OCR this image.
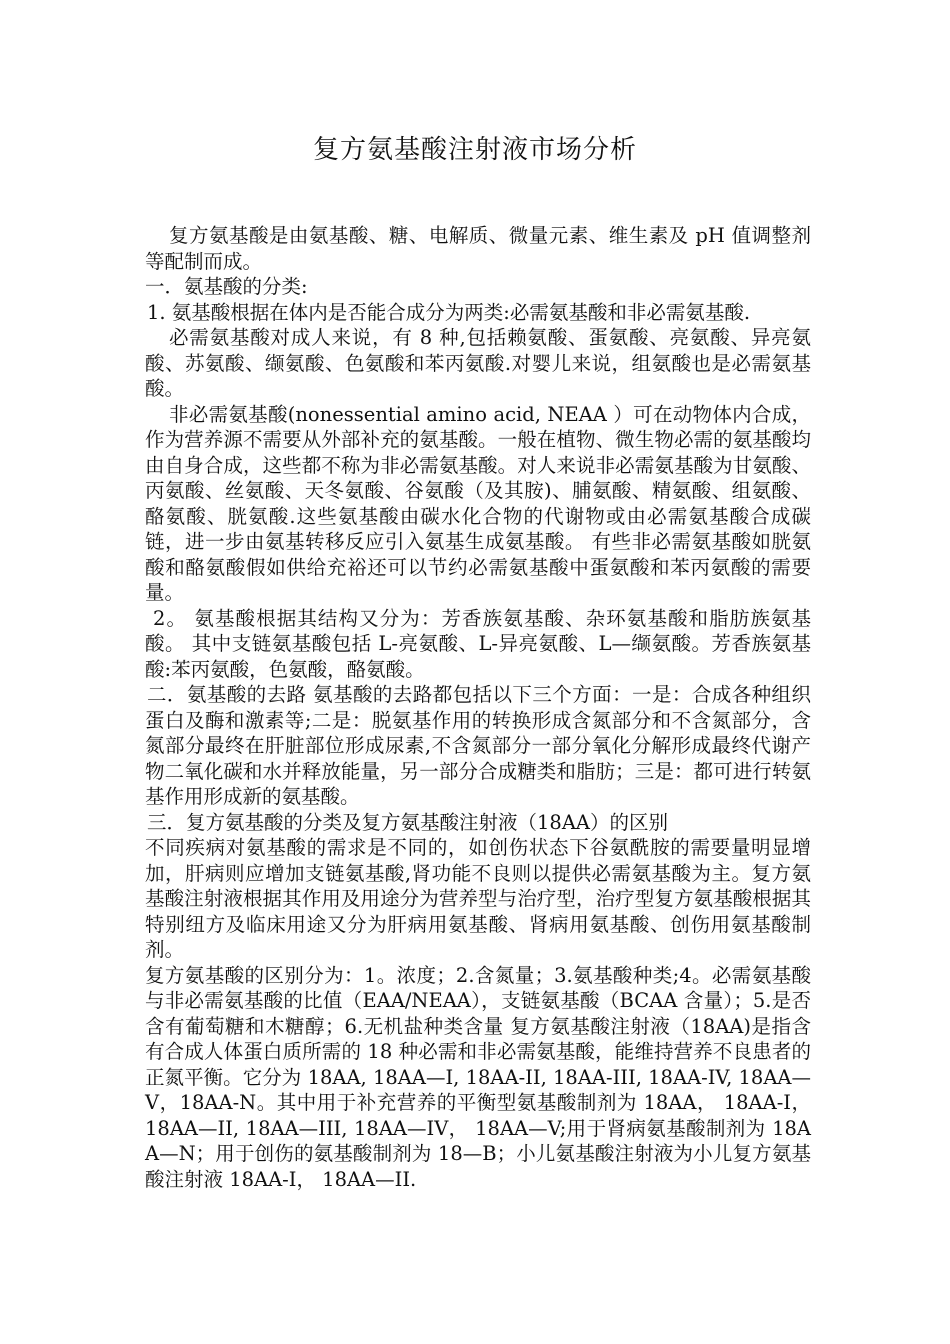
复方氨基酸注射液市场分析

复方氨基酸是由氨基酸、糖、电解质、微量元素、维生素及 pH 值调整剂等配制而成。

一．氨基酸的分类:

1. 氨基酸根据在体内是否能合成分为两类:必需氨基酸和非必需氨基酸.

必需氨基酸对成人来说，有 8 种,包括赖氨酸、蛋氨酸、亮氨酸、异亮氨酸、苏氨酸、缬氨酸、色氨酸和苯丙氨酸.对婴儿来说，组氨酸也是必需氨基酸。

非必需氨基酸(nonessential amino acid, NEAA ）可在动物体内合成，作为营养源不需要从外部补充的氨基酸。一般在植物、微生物必需的氨基酸均由自身合成，这些都不称为非必需氨基酸。对人来说非必需氨基酸为甘氨酸、丙氨酸、丝氨酸、天冬氨酸、谷氨酸（及其胺)、脯氨酸、精氨酸、组氨酸、酪氨酸、胱氨酸.这些氨基酸由碳水化合物的代谢物或由必需氨基酸合成碳链，进一步由氨基转移反应引入氨基生成氨基酸。 有些非必需氨基酸如胱氨酸和酪氨酸假如供给充裕还可以节约必需氨基酸中蛋氨酸和苯丙氨酸的需要量。

2。 氨基酸根据其结构又分为：芳香族氨基酸、杂环氨基酸和脂肪族氨基酸。 其中支链氨基酸包括 L-亮氨酸、L-异亮氨酸、L—缬氨酸。芳香族氨基酸:苯丙氨酸，色氨酸，酪氨酸。

二．氨基酸的去路 氨基酸的去路都包括以下三个方面：一是：合成各种组织蛋白及酶和激素等;二是：脱氨基作用的转换形成含氮部分和不含氮部分，含氮部分最终在肝脏部位形成尿素,不含氮部分一部分氧化分解形成最终代谢产物二氧化碳和水并释放能量，另一部分合成糖类和脂肪；三是：都可进行转氨基作用形成新的氨基酸。

三．复方氨基酸的分类及复方氨基酸注射液（18AA）的区别

不同疾病对氨基酸的需求是不同的，如创伤状态下谷氨酰胺的需要量明显增加，肝病则应增加支链氨基酸,肾功能不良则以提供必需氨基酸为主。复方氨基酸注射液根据其作用及用途分为营养型与治疗型，治疗型复方氨基酸根据其特别纽方及临床用途又分为肝病用氨基酸、肾病用氨基酸、创伤用氨基酸制剂。

复方氨基酸的区别分为：1。浓度；2.含氮量；3.氨基酸种类;4。必需氨基酸与非必需氨基酸的比值（EAA/NEAA），支链氨基酸（BCAA 含量）；5.是否含有葡萄糖和木糖醇；6.无机盐种类含量 复方氨基酸注射液（18AA)是指含有合成人体蛋白质所需的 18 种必需和非必需氨基酸，能维持营养不良患者的正氮平衡。它分为 18AA, 18AA—I, 18AA-II, 18AA-III, 18AA-IV, 18AA—V，18AA-N。其中用于补充营养的平衡型氨基酸制剂为 18AA， 18AA-I， 18AA—II, 18AA—III, 18AA—IV， 18AA—V;用于肾病氨基酸制剂为 18AA—N；用于创伤的氨基酸制剂为 18—B；小儿氨基酸注射液为小儿复方氨基酸注射液 18AA-I， 18AA—II.
